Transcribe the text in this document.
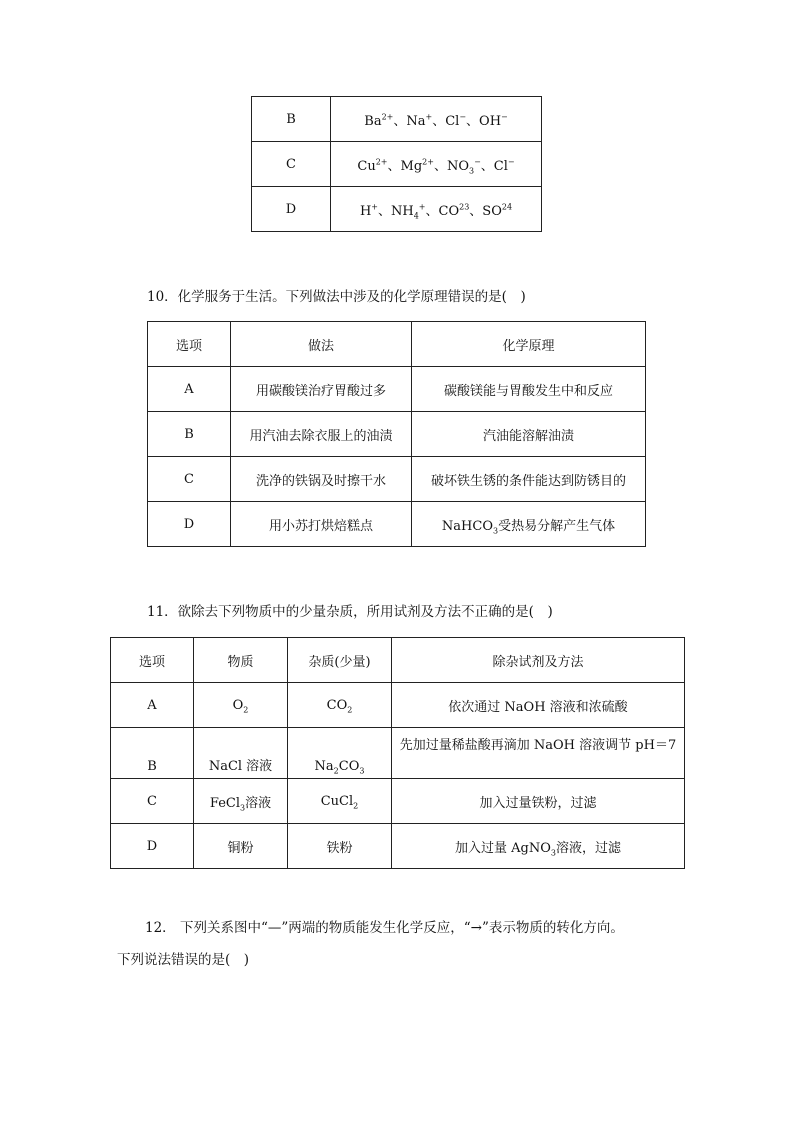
B	$Ba^{2+}$、Na+、Cl−、OH−
C	$Cu^{2+}$、$Mg^{2+}$、$NO_3^-$、Cl−
D	H+、$NH_4^+$、CO$^{23}$、SO$^{24}$
10．化学服务于生活。下列做法中涉及的化学原理错误的是(　)
选项	做法	化学原理
A	用碳酸镁治疗胃酸过多	碳酸镁能与胃酸发生中和反应
B	用汽油去除衣服上的油渍	汽油能溶解油渍
C	洗净的铁锅及时擦干水	破坏铁生锈的条件能达到防锈目的
D	用小苏打烘焙糕点	NaHCO$_3$受热易分解产生气体
11．欲除去下列物质中的少量杂质，所用试剂及方法不正确的是(　)
选项	物质	杂质(少量)	除杂试剂及方法
A	$O_2$	$CO_2$	依次通过 NaOH 溶液和浓硫酸
B	NaCl 溶液	$Na_2CO_3$	先加过量稀盐酸再滴加 NaOH 溶液调节 pH＝7
C	FeCl$_3$溶液	CuCl$_2$	加入过量铁粉，过滤
D	铜粉	铁粉	加入过量 AgNO$_3$溶液，过滤
12． 下列关系图中“—”两端的物质能发生化学反应，“→”表示物质的转化方向。
下列说法错误的是(　)
